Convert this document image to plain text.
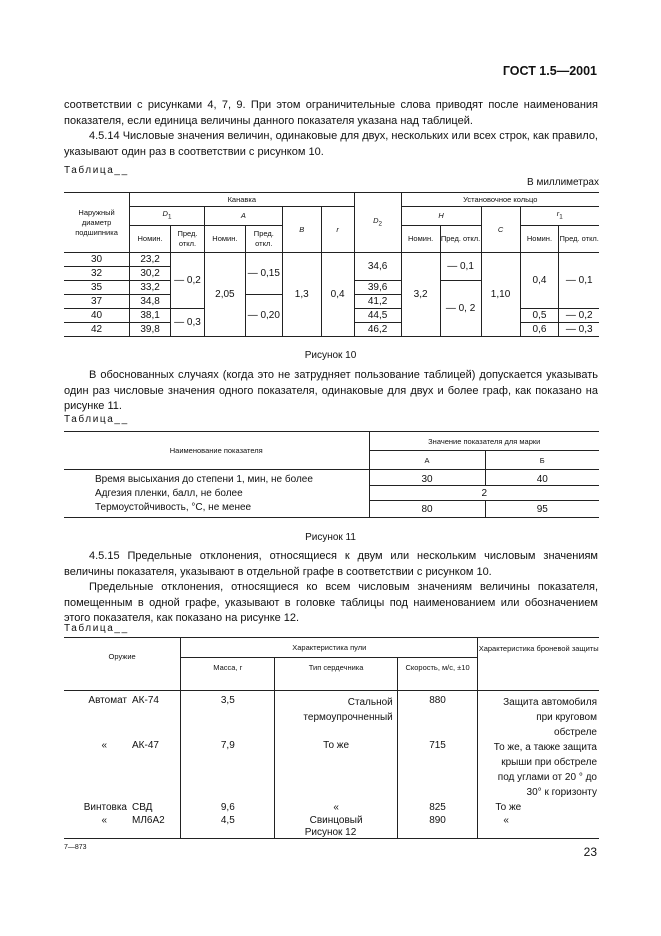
ГОСТ 1.5—2001
соответствии с рисунками 4, 7, 9. При этом ограничительные слова приводят после наименования показателя, если единица величины данного показателя указана над таблицей.
4.5.14 Числовые значения величин, одинаковые для двух, нескольких или всех строк, как правило, указывают один раз в соответствии с рисунком 10.
Таблица__
В миллиметрах
Наружный диаметр подшипника	Канавка						$D_2$	Установочное кольцо				
	$D_1$		A		B	r		H		C	$r_1$
	Номин.	Пред. откл.	Номин.	Пред. откл.				Номин.	Пред. откл.		Номин.	Пред. откл.
30	23,2	— 0,2	2,05	— 0,15	1,3	0,4	34,6	3,2	— 0,1	1,10	0,4	— 0,1
32	30,2											
35	33,2						39,6		— 0, 2			
37	34,8			— 0,20			41,2					
40	38,1	— 0,3					44,5				0,5	— 0,2
42	39,8						46,2				0,6	— 0,3
Рисунок 10
В обоснованных случаях (когда это не затрудняет пользование таблицей) допускается указывать один раз числовые значения одного показателя, одинаковые для двух и более граф, как показано на рисунке 11.
Таблица__
Наименование показателя	Значение показателя для марки	
	А	Б
Время высыхания до степени 1, мин, не более	30	40
Адгезия пленки, балл, не более	2	
Термоустойчивость, °С, не менее	80	95
Рисунок 11
4.5.15 Предельные отклонения, относящиеся к двум или нескольким числовым значениям величины показателя, указывают в отдельной графе в соответствии с рисунком 10.
Предельные отклонения, относящиеся ко всем числовым значениям величины показателя, помещенным в одной графе, указывают в головке таблицы под наименованием или обозначением этого показателя, как показано на рисунке 12.
Таблица__
Оружие	Характеристика пули			Характеристика броневой защиты
	Масса, г	Тип сердечника	Скорость, м/с, ±10	
Автомат АК-74	3,5	Стальной термоупрочненный	880	Защита автомобиля при круговом обстреле
« АК-47	7,9	То же	715	То же, а также защита крыши при обстреле под углами от 20 ° до 30° к горизонту
Винтовка СВД	9,6	«	825	То же
« МЛ6А2	4,5	Свинцовый	890	«
Рисунок 12
7—873	23
